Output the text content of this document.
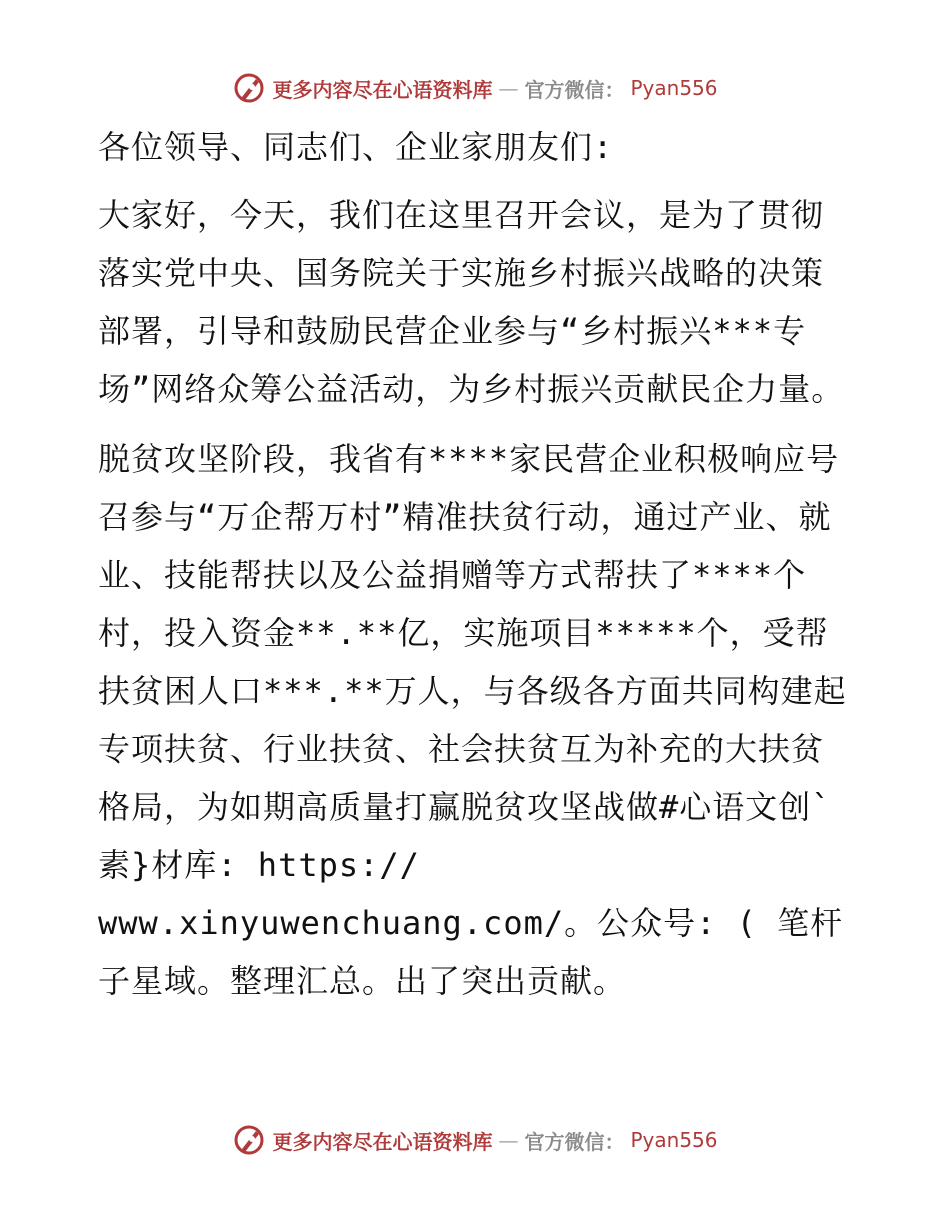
更多内容尽在心语资料库 — 官方微信： Pyan556

各位领导、同志们、企业家朋友们:

大家好，今天，我们在这里召开会议，是为了贯彻落实党中央、国务院关于实施乡村振兴战略的决策部署，引导和鼓励民营企业参与“乡村振兴***专场”网络众筹公益活动，为乡村振兴贡献民企力量。

脱贫攻坚阶段，我省有****家民营企业积极响应号召参与“万企帮万村”精准扶贫行动，通过产业、就业、技能帮扶以及公益捐赠等方式帮扶了****个村，投入资金**.**亿，实施项目*****个，受帮扶贫困人口***.**万人，与各级各方面共同构建起专项扶贫、行业扶贫、社会扶贫互为补充的大扶贫格局，为如期高质量打赢脱贫攻坚战做#心语文创`素}材库: https://

www.xinyuwenchuang.com/。公众号: ( 笔杆子星域。整理汇总。出了突出贡献。

更多内容尽在心语资料库 — 官方微信： Pyan556
